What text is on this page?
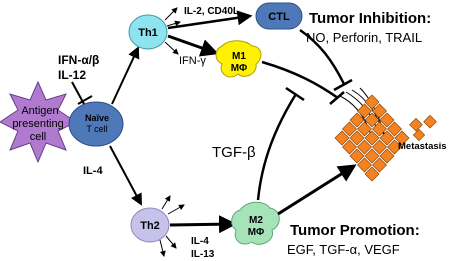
Antigen
presenting
cell
Naïve
T cell
IFN-α/β
IL-12
IL-4
Th1
IL-2, CD40L
IFN-γ
CTL
M1
MΦ
Tumor Inhibition:
NO, Perforin, TRAIL
Th2
IL-4
IL-13
M2
MΦ
TGF-β
Tumor Promotion:
EGF, TGF-α, VEGF
Metastasis
